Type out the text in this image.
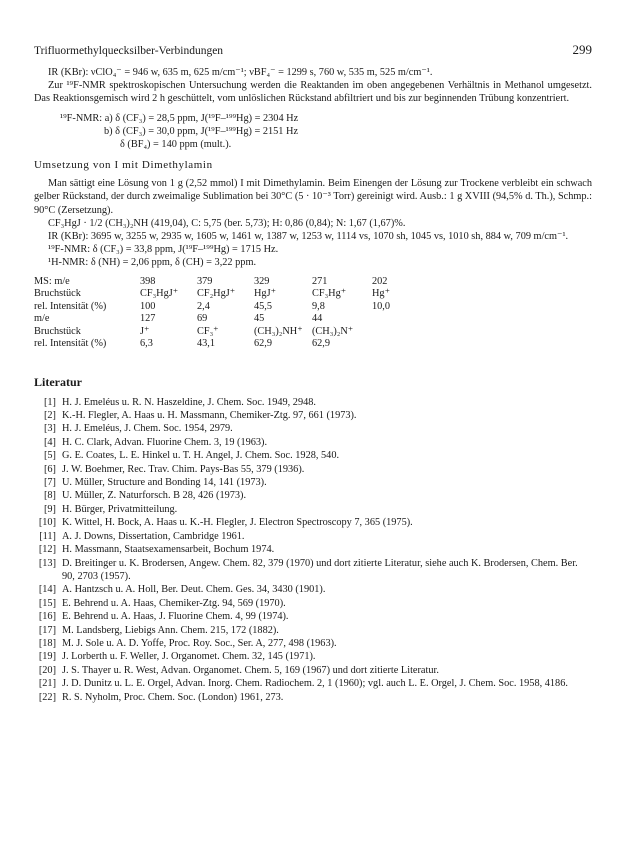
Trifluormethylquecksilber-Verbindungen	299

IR (KBr): νClO₄⁻ = 946 w, 635 m, 625 m/cm⁻¹; νBF₄⁻ = 1299 s, 760 w, 535 m, 525 m/cm⁻¹.

Zur ¹⁹F-NMR spektroskopischen Untersuchung werden die Reaktanden im oben angegebenen Verhältnis in Methanol umgesetzt. Das Reaktionsgemisch wird 2 h geschüttelt, vom unlöslichen Rückstand abfiltriert und bis zur beginnenden Trübung konzentriert.

¹⁹F-NMR: a) δ (CF₃) = 28,5 ppm, J(¹⁹F–¹⁹⁹Hg) = 2304 Hz
b) δ (CF₃) = 30,0 ppm, J(¹⁹F–¹⁹⁹Hg) = 2151 Hz
δ (BF₄) = 140 ppm (mult.).
Umsetzung von I mit Dimethylamin

Man sättigt eine Lösung von 1 g (2,52 mmol) I mit Dimethylamin. Beim Einengen der Lösung zur Trockene verbleibt ein schwach gelber Rückstand, der durch zweimalige Sublimation bei 30°C (5 · 10⁻³ Torr) gereinigt wird. Ausb.: 1 g XVIII (94,5% d. Th.), Schmp.: 90°C (Zersetzung).

CF₃HgJ · 1/2 (CH₃)₂NH (419,04), C: 5,75 (ber. 5,73); H: 0,86 (0,84); N: 1,67 (1,67)%.

IR (KBr): 3695 w, 3255 w, 2935 w, 1605 w, 1461 w, 1387 w, 1253 w, 1114 vs, 1070 sh, 1045 vs, 1010 sh, 884 w, 709 m/cm⁻¹.

¹⁹F-NMR: δ (CF₃) = 33,8 ppm, J(¹⁹F–¹⁹⁹Hg) = 1715 Hz.

¹H-NMR: δ (NH) = 2,06 ppm, δ (CH) = 3,22 ppm.

MS: m/e	398	379	329	271	202
Bruchstück	CF₃HgJ⁺	CF₂HgJ⁺	HgJ⁺	CF₃Hg⁺	Hg⁺
rel. Intensität (%)	100	2,4	45,5	9,8	10,0
m/e	127	69	45	44	
Bruchstück	J⁺	CF₃⁺	(CH₃)₂NH⁺	(CH₃)₂N⁺	
rel. Intensität (%)	6,3	43,1	62,9	62,9	
Literatur
[1] H. J. Emeléus u. R. N. Haszeldine, J. Chem. Soc. 1949, 2948.
[2] K.-H. Flegler, A. Haas u. H. Massmann, Chemiker-Ztg. 97, 661 (1973).
[3] H. J. Emeléus, J. Chem. Soc. 1954, 2979.
[4] H. C. Clark, Advan. Fluorine Chem. 3, 19 (1963).
[5] G. E. Coates, L. E. Hinkel u. T. H. Angel, J. Chem. Soc. 1928, 540.
[6] J. W. Boehmer, Rec. Trav. Chim. Pays-Bas 55, 379 (1936).
[7] U. Müller, Structure and Bonding 14, 141 (1973).
[8] U. Müller, Z. Naturforsch. B 28, 426 (1973).
[9] H. Bürger, Privatmitteilung.
[10] K. Wittel, H. Bock, A. Haas u. K.-H. Flegler, J. Electron Spectroscopy 7, 365 (1975).
[11] A. J. Downs, Dissertation, Cambridge 1961.
[12] H. Massmann, Staatsexamensarbeit, Bochum 1974.
[13] D. Breitinger u. K. Brodersen, Angew. Chem. 82, 379 (1970) und dort zitierte Literatur, siehe auch K. Brodersen, Chem. Ber. 90, 2703 (1957).
[14] A. Hantzsch u. A. Holl, Ber. Deut. Chem. Ges. 34, 3430 (1901).
[15] E. Behrend u. A. Haas, Chemiker-Ztg. 94, 569 (1970).
[16] E. Behrend u. A. Haas, J. Fluorine Chem. 4, 99 (1974).
[17] M. Landsberg, Liebigs Ann. Chem. 215, 172 (1882).
[18] M. J. Sole u. A. D. Yoffe, Proc. Roy. Soc., Ser. A, 277, 498 (1963).
[19] J. Lorberth u. F. Weller, J. Organomet. Chem. 32, 145 (1971).
[20] J. S. Thayer u. R. West, Advan. Organomet. Chem. 5, 169 (1967) und dort zitierte Literatur.
[21] J. D. Dunitz u. L. E. Orgel, Advan. Inorg. Chem. Radiochem. 2, 1 (1960); vgl. auch L. E. Orgel, J. Chem. Soc. 1958, 4186.
[22] R. S. Nyholm, Proc. Chem. Soc. (London) 1961, 273.
